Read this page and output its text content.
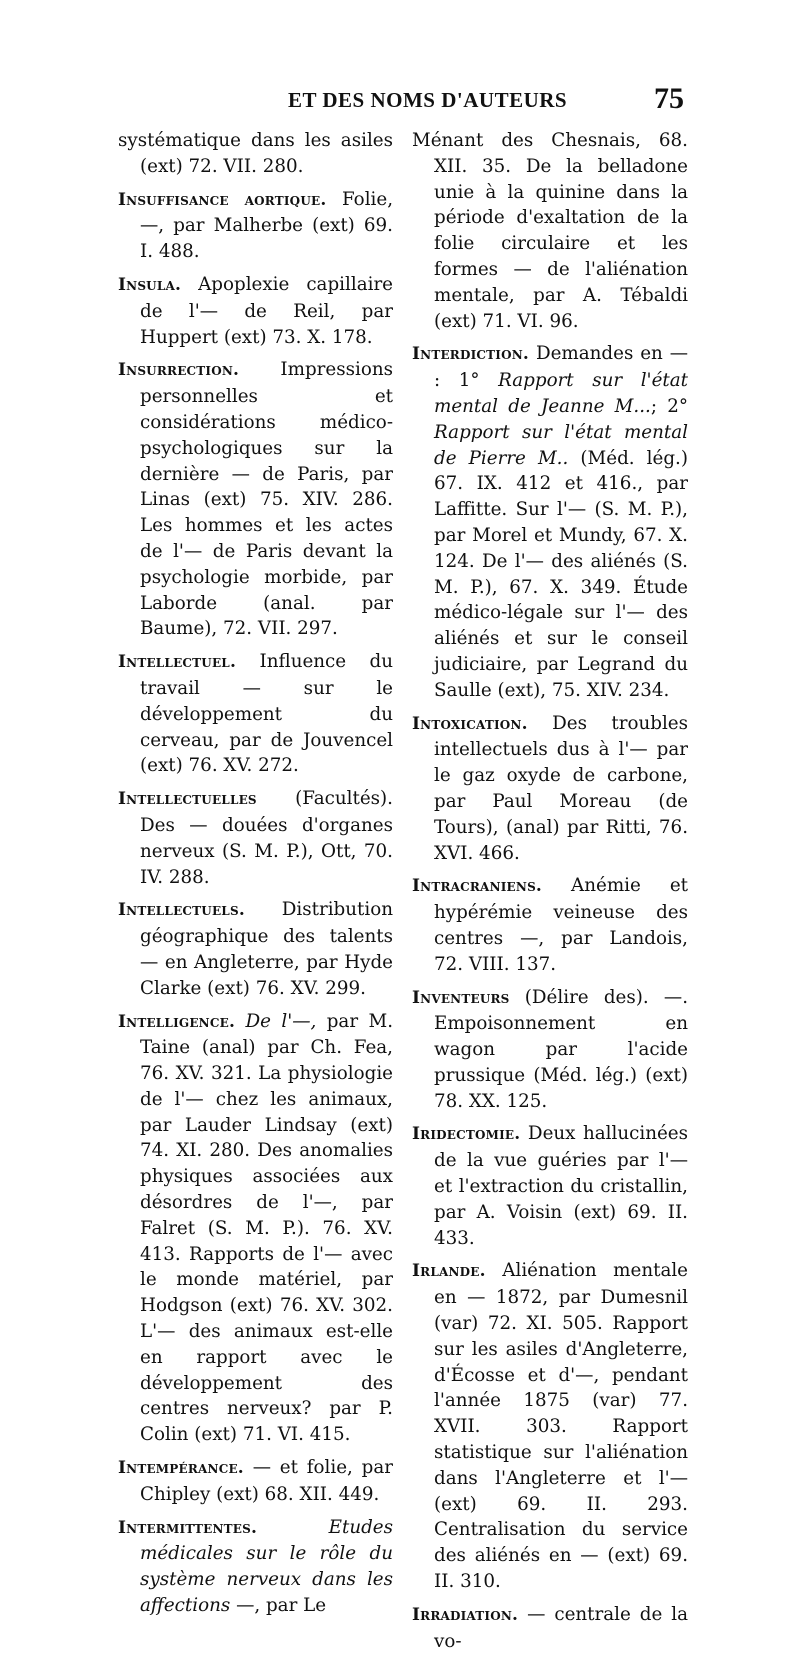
ET DES NOMS D'AUTEURS	75

systématique dans les asiles (ext) 72. VII. 280.

Insuffisance aortique. Folie, —, par Malherbe (ext) 69. I. 488.

Insula. Apoplexie capillaire de l'— de Reil, par Huppert (ext) 73. X. 178.

Insurrection. Impressions personnelles et considérations médico-psychologiques sur la dernière — de Paris, par Linas (ext) 75. XIV. 286. Les hommes et les actes de l'— de Paris devant la psychologie morbide, par Laborde (anal. par Baume), 72. VII. 297.

Intellectuel. Influence du travail — sur le développement du cerveau, par de Jouvencel (ext) 76. XV. 272.

Intellectuelles (Facultés). Des — douées d'organes nerveux (S. M. P.), Ott, 70. IV. 288.

Intellectuels. Distribution géographique des talents — en Angleterre, par Hyde Clarke (ext) 76. XV. 299.

Intelligence. De l'—, par M. Taine (anal) par Ch. Fea, 76. XV. 321. La physiologie de l'— chez les animaux, par Lauder Lindsay (ext) 74. XI. 280. Des anomalies physiques associées aux désordres de l'—, par Falret (S. M. P.). 76. XV. 413. Rapports de l'— avec le monde matériel, par Hodgson (ext) 76. XV. 302. L'— des animaux est-elle en rapport avec le développement des centres nerveux? par P. Colin (ext) 71. VI. 415.

Intempérance. — et folie, par Chipley (ext) 68. XII. 449.

Intermittentes.	Etudes médicales sur le rôle du système nerveux dans les affections —, par Le

Ménant des Chesnais, 68. XII. 35. De la belladone unie à la quinine dans la période d'exaltation de la folie circulaire et les formes — de l'aliénation mentale, par A. Tébaldi (ext) 71. VI. 96.

Interdiction. Demandes en — : 1° Rapport sur l'état mental de Jeanne M...; 2° Rapport sur l'état mental de Pierre M.. (Méd. lég.) 67. IX. 412 et 416., par Laffitte. Sur l'— (S. M. P.), par Morel et Mundy, 67. X. 124. De l'— des aliénés (S. M. P.), 67. X. 349. Étude médico-légale sur l'— des aliénés et sur le conseil judiciaire, par Legrand du Saulle (ext), 75. XIV. 234.

Intoxication. Des troubles intellectuels dus à l'— par le gaz oxyde de carbone, par Paul Moreau (de Tours), (anal) par Ritti, 76. XVI. 466.

Intracraniens. Anémie et hypérémie veineuse des centres —, par Landois, 72. VIII. 137.

Inventeurs (Délire des). —. Empoisonnement en wagon par l'acide prussique (Méd. lég.) (ext) 78. XX. 125.

Iridectomie. Deux hallucinées de la vue guéries par l'— et l'extraction du cristallin, par A. Voisin (ext) 69. II. 433.

Irlande. Aliénation mentale en — 1872, par Dumesnil (var) 72. XI. 505. Rapport sur les asiles d'Angleterre, d'Écosse et d'—, pendant l'année 1875 (var) 77. XVII. 303. Rapport statistique sur l'aliénation dans l'Angleterre et l'— (ext) 69. II. 293. Centralisation du service des aliénés en — (ext) 69. II. 310.

Irradiation. — centrale de la vo-
